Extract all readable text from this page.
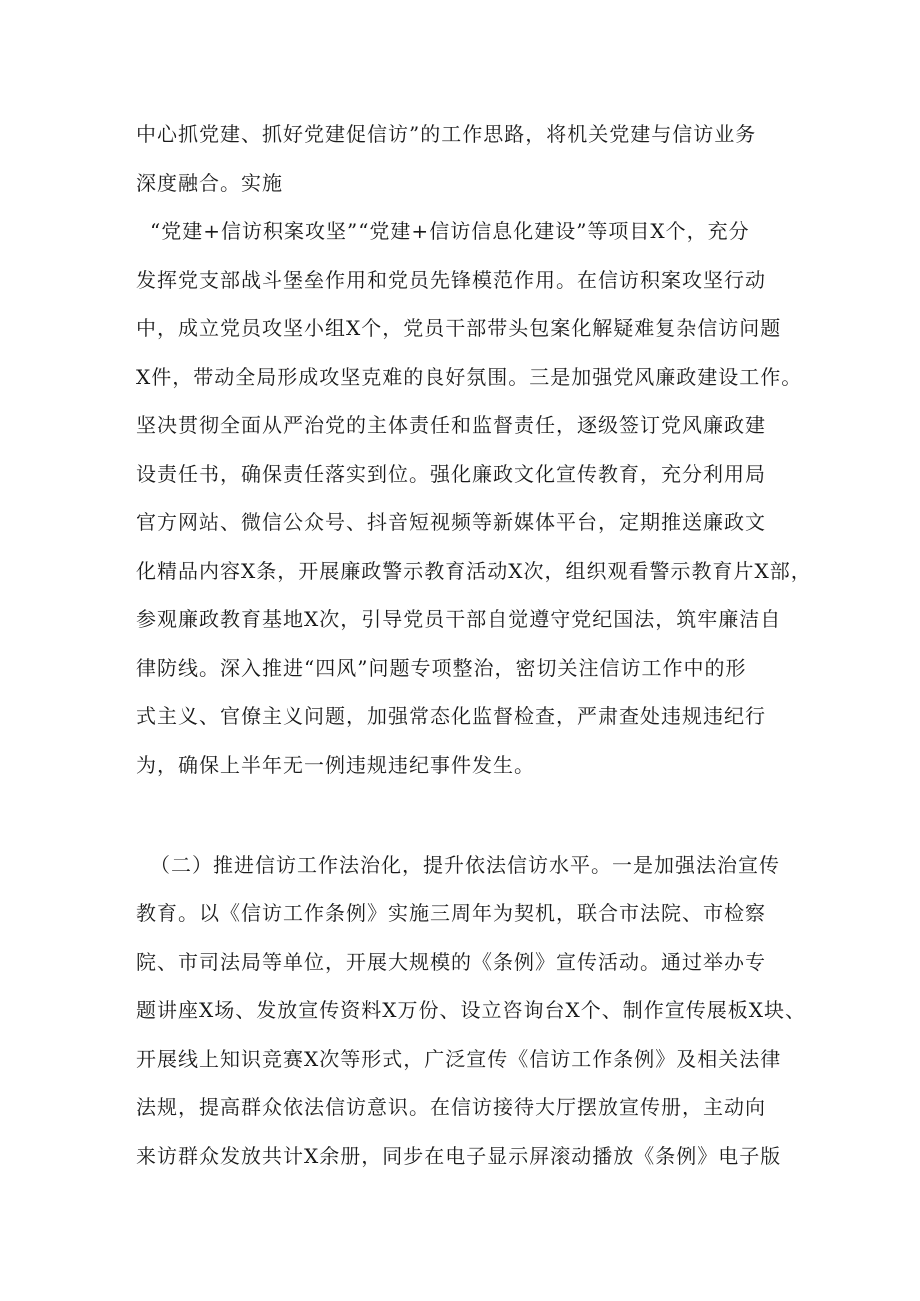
中心抓党建、抓好党建促信访”的工作思路，将机关党建与信访业务
深度融合。实施
“党建+信访积案攻坚”“党建+信访信息化建设”等项目X个，充分
发挥党支部战斗堡垒作用和党员先锋模范作用。在信访积案攻坚行动
中，成立党员攻坚小组X个，党员干部带头包案化解疑难复杂信访问题
X件，带动全局形成攻坚克难的良好氛围。三是加强党风廉政建设工作。
坚决贯彻全面从严治党的主体责任和监督责任，逐级签订党风廉政建
设责任书，确保责任落实到位。强化廉政文化宣传教育，充分利用局
官方网站、微信公众号、抖音短视频等新媒体平台，定期推送廉政文
化精品内容X条，开展廉政警示教育活动X次，组织观看警示教育片X部，
参观廉政教育基地X次，引导党员干部自觉遵守党纪国法，筑牢廉洁自
律防线。深入推进“四风”问题专项整治，密切关注信访工作中的形
式主义、官僚主义问题，加强常态化监督检查，严肃查处违规违纪行
为，确保上半年无一例违规违纪事件发生。
（二）推进信访工作法治化，提升依法信访水平。一是加强法治宣传
教育。以《信访工作条例》实施三周年为契机，联合市法院、市检察
院、市司法局等单位，开展大规模的《条例》宣传活动。通过举办专
题讲座X场、发放宣传资料X万份、设立咨询台X个、制作宣传展板X块、
开展线上知识竞赛X次等形式，广泛宣传《信访工作条例》及相关法律
法规，提高群众依法信访意识。在信访接待大厅摆放宣传册，主动向
来访群众发放共计X余册，同步在电子显示屏滚动播放《条例》电子版
